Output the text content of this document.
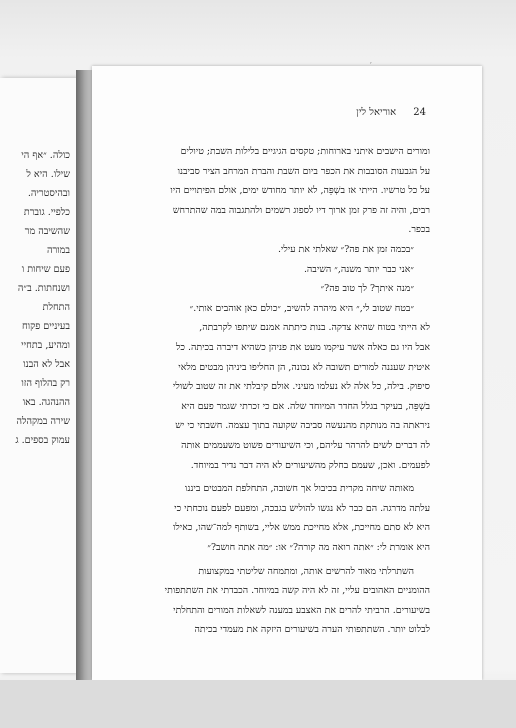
כולה. ״אף הי
שילו. היא ל
ובהיסטריה.
כלפיי. גוברת
שהשיבה מר
במורה
פעם שיחות ו
ושנחתות. ב״ה
התחלת
בעיניים פקוח
ומהיע, בתחיי
אבל לא הבנו
רק בהלוף הזו
ההנהגה. באו
שירה במקהלה
עמוק בספים. ג
׳
24 אוריאל לין
ומורים הישבים איתני בארוחות; טקסים הגיגיים בלילות השבת; טיולים
על הגבעות הסובבות את הכפר ביום השבת והברת המרחב הציר סביבנו
על כל טרשיו. הייתי אז בשְׁפֵּה, לא יותר מחודש ימים, אולם הפיתויים היו
רבים, והיה זה פרק זמן ארוך דיו לספוג רשמים ולהתגבוה במה שהתרחש
בכפר.
״בכמה זמן את פה?״ שאלתי את עילי.
״אני כבר יותר משנה,״ השיבה.
״מנה איתך? לך טוב פה?״
״בטח שטוב לי,״ היא מיהרה להשיב, ״כולם כאן אוהבים אותי.״
לא הייתי בטוח שהיא צדקה. בנות כיתתה אמנם שיתפו לקרבתה,
אבל היו גם כאלה אשר עיקמו מעט את פניהן כשהיא דיברה בכיתה. כל
איטית שעננה למורים תשובה לא נכונה, הן החליפו ביניהן מבטים מלאי
סיפוק. בילה, כל אלה לא נעלמו מעיני. אולם קיבלתי את זה שטוב לשולי
בשְׁפֵּה, בעיקר בגלל החדר המיוחד שלה. אם כי זכרתי שגמר פעם היא
ניראתה בה מנותקת מהנעשה סביבה שקועה בתוך עצמה. חשבתי כי יש
לה דברים לשים להרהר עליהם, וכי השיעורים פשוט משעממים אותה
לפעמים. ואכן, שעמם בחלק מהשיעורים לא היה דבר נדיר במיוחד.
מאותה שיחה מקרית בכיבול אך חשובה, התחלפת המבטים ביננו
עלתה מדרגה. הם כבר לא נגשו להוליש בגבכה, ומפעם לפעם נוכחתי כי
היא לא סתם מחייכת, אלא מחייכת ממש אליי, בשותף למה־שהו, כאילו
היא אומרת לי: ״אתה רואה מה קורה?״ או: ״מה אתה חושב?״
השתרלתי מאוד להרשים אותה, ומתמחה שליטתי במקצועות
ההומניים האהובים עליי, זה לא היה קשה במיוחד. הכבדתי את השתתפותי
בשיעורים. הרביתי להרים את האצבע במענה לשאלות המורים והתחלתי
לבלוט יותר. השתתפותי הערה בשיעורים היזקה את מעמדי בכיתה
